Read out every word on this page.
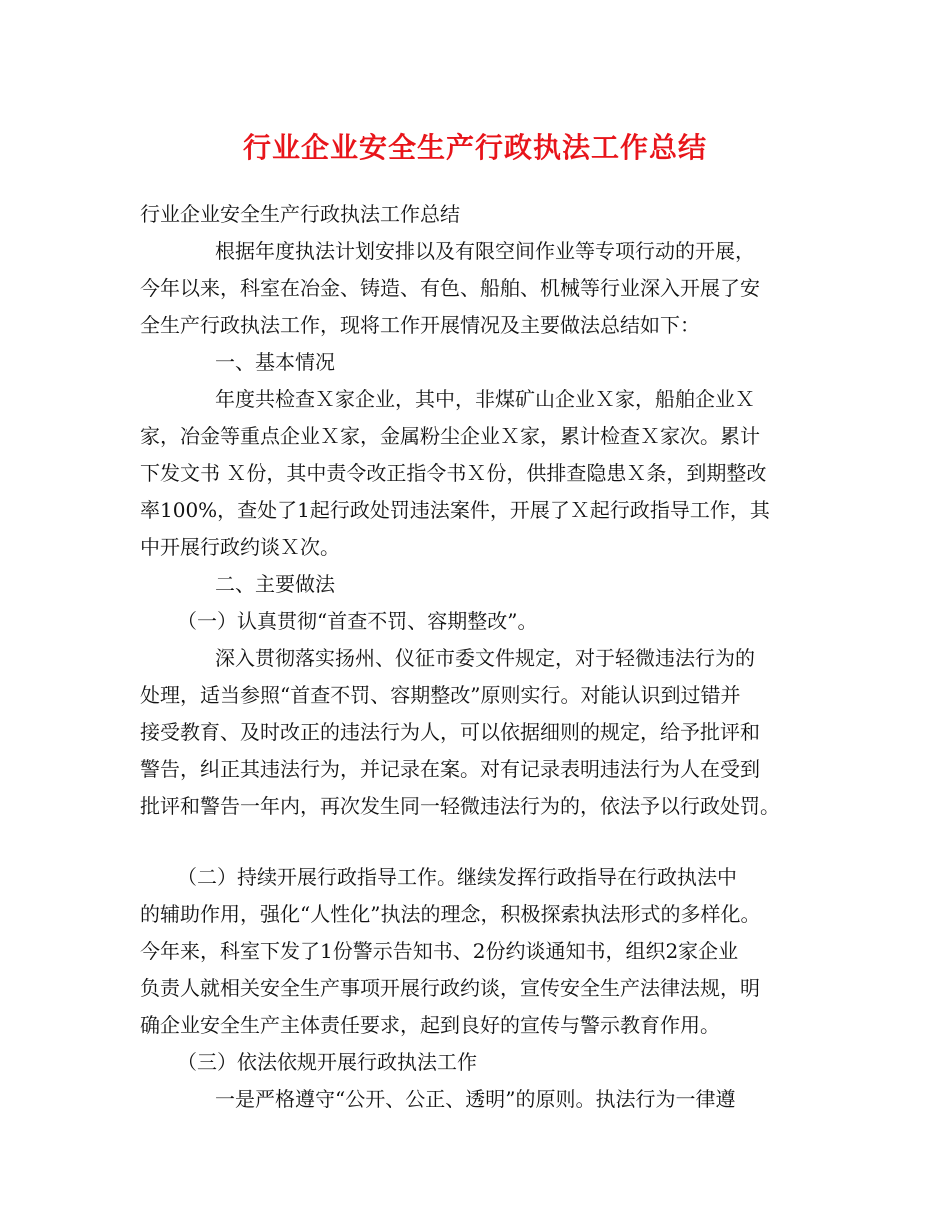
行业企业安全生产行政执法工作总结
行业企业安全生产行政执法工作总结
根据年度执法计划安排以及有限空间作业等专项行动的开展，
今年以来，科室在冶金、铸造、有色、船舶、机械等行业深入开展了安
全生产行政执法工作，现将工作开展情况及主要做法总结如下：
一、基本情况
年度共检查Ｘ家企业，其中，非煤矿山企业Ｘ家，船舶企业Ｘ
家，冶金等重点企业Ｘ家，金属粉尘企业Ｘ家，累计检查Ｘ家次。累计
下发文书 Ｘ份，其中责令改正指令书Ｘ份，供排查隐患Ｘ条，到期整改
率100%，查处了1起行政处罚违法案件，开展了Ｘ起行政指导工作，其
中开展行政约谈Ｘ次。
二、主要做法
（一）认真贯彻“首查不罚、容期整改”。
深入贯彻落实扬州、仪征市委文件规定，对于轻微违法行为的
处理，适当参照“首查不罚、容期整改”原则实行。对能认识到过错并
接受教育、及时改正的违法行为人，可以依据细则的规定，给予批评和
警告，纠正其违法行为，并记录在案。对有记录表明违法行为人在受到
批评和警告一年内，再次发生同一轻微违法行为的，依法予以行政处罚。
（二）持续开展行政指导工作。继续发挥行政指导在行政执法中
的辅助作用，强化“人性化”执法的理念，积极探索执法形式的多样化。
今年来，科室下发了1份警示告知书、2份约谈通知书，组织2家企业
负责人就相关安全生产事项开展行政约谈，宣传安全生产法律法规，明
确企业安全生产主体责任要求，起到良好的宣传与警示教育作用。
（三）依法依规开展行政执法工作
一是严格遵守“公开、公正、透明”的原则。执法行为一律遵
